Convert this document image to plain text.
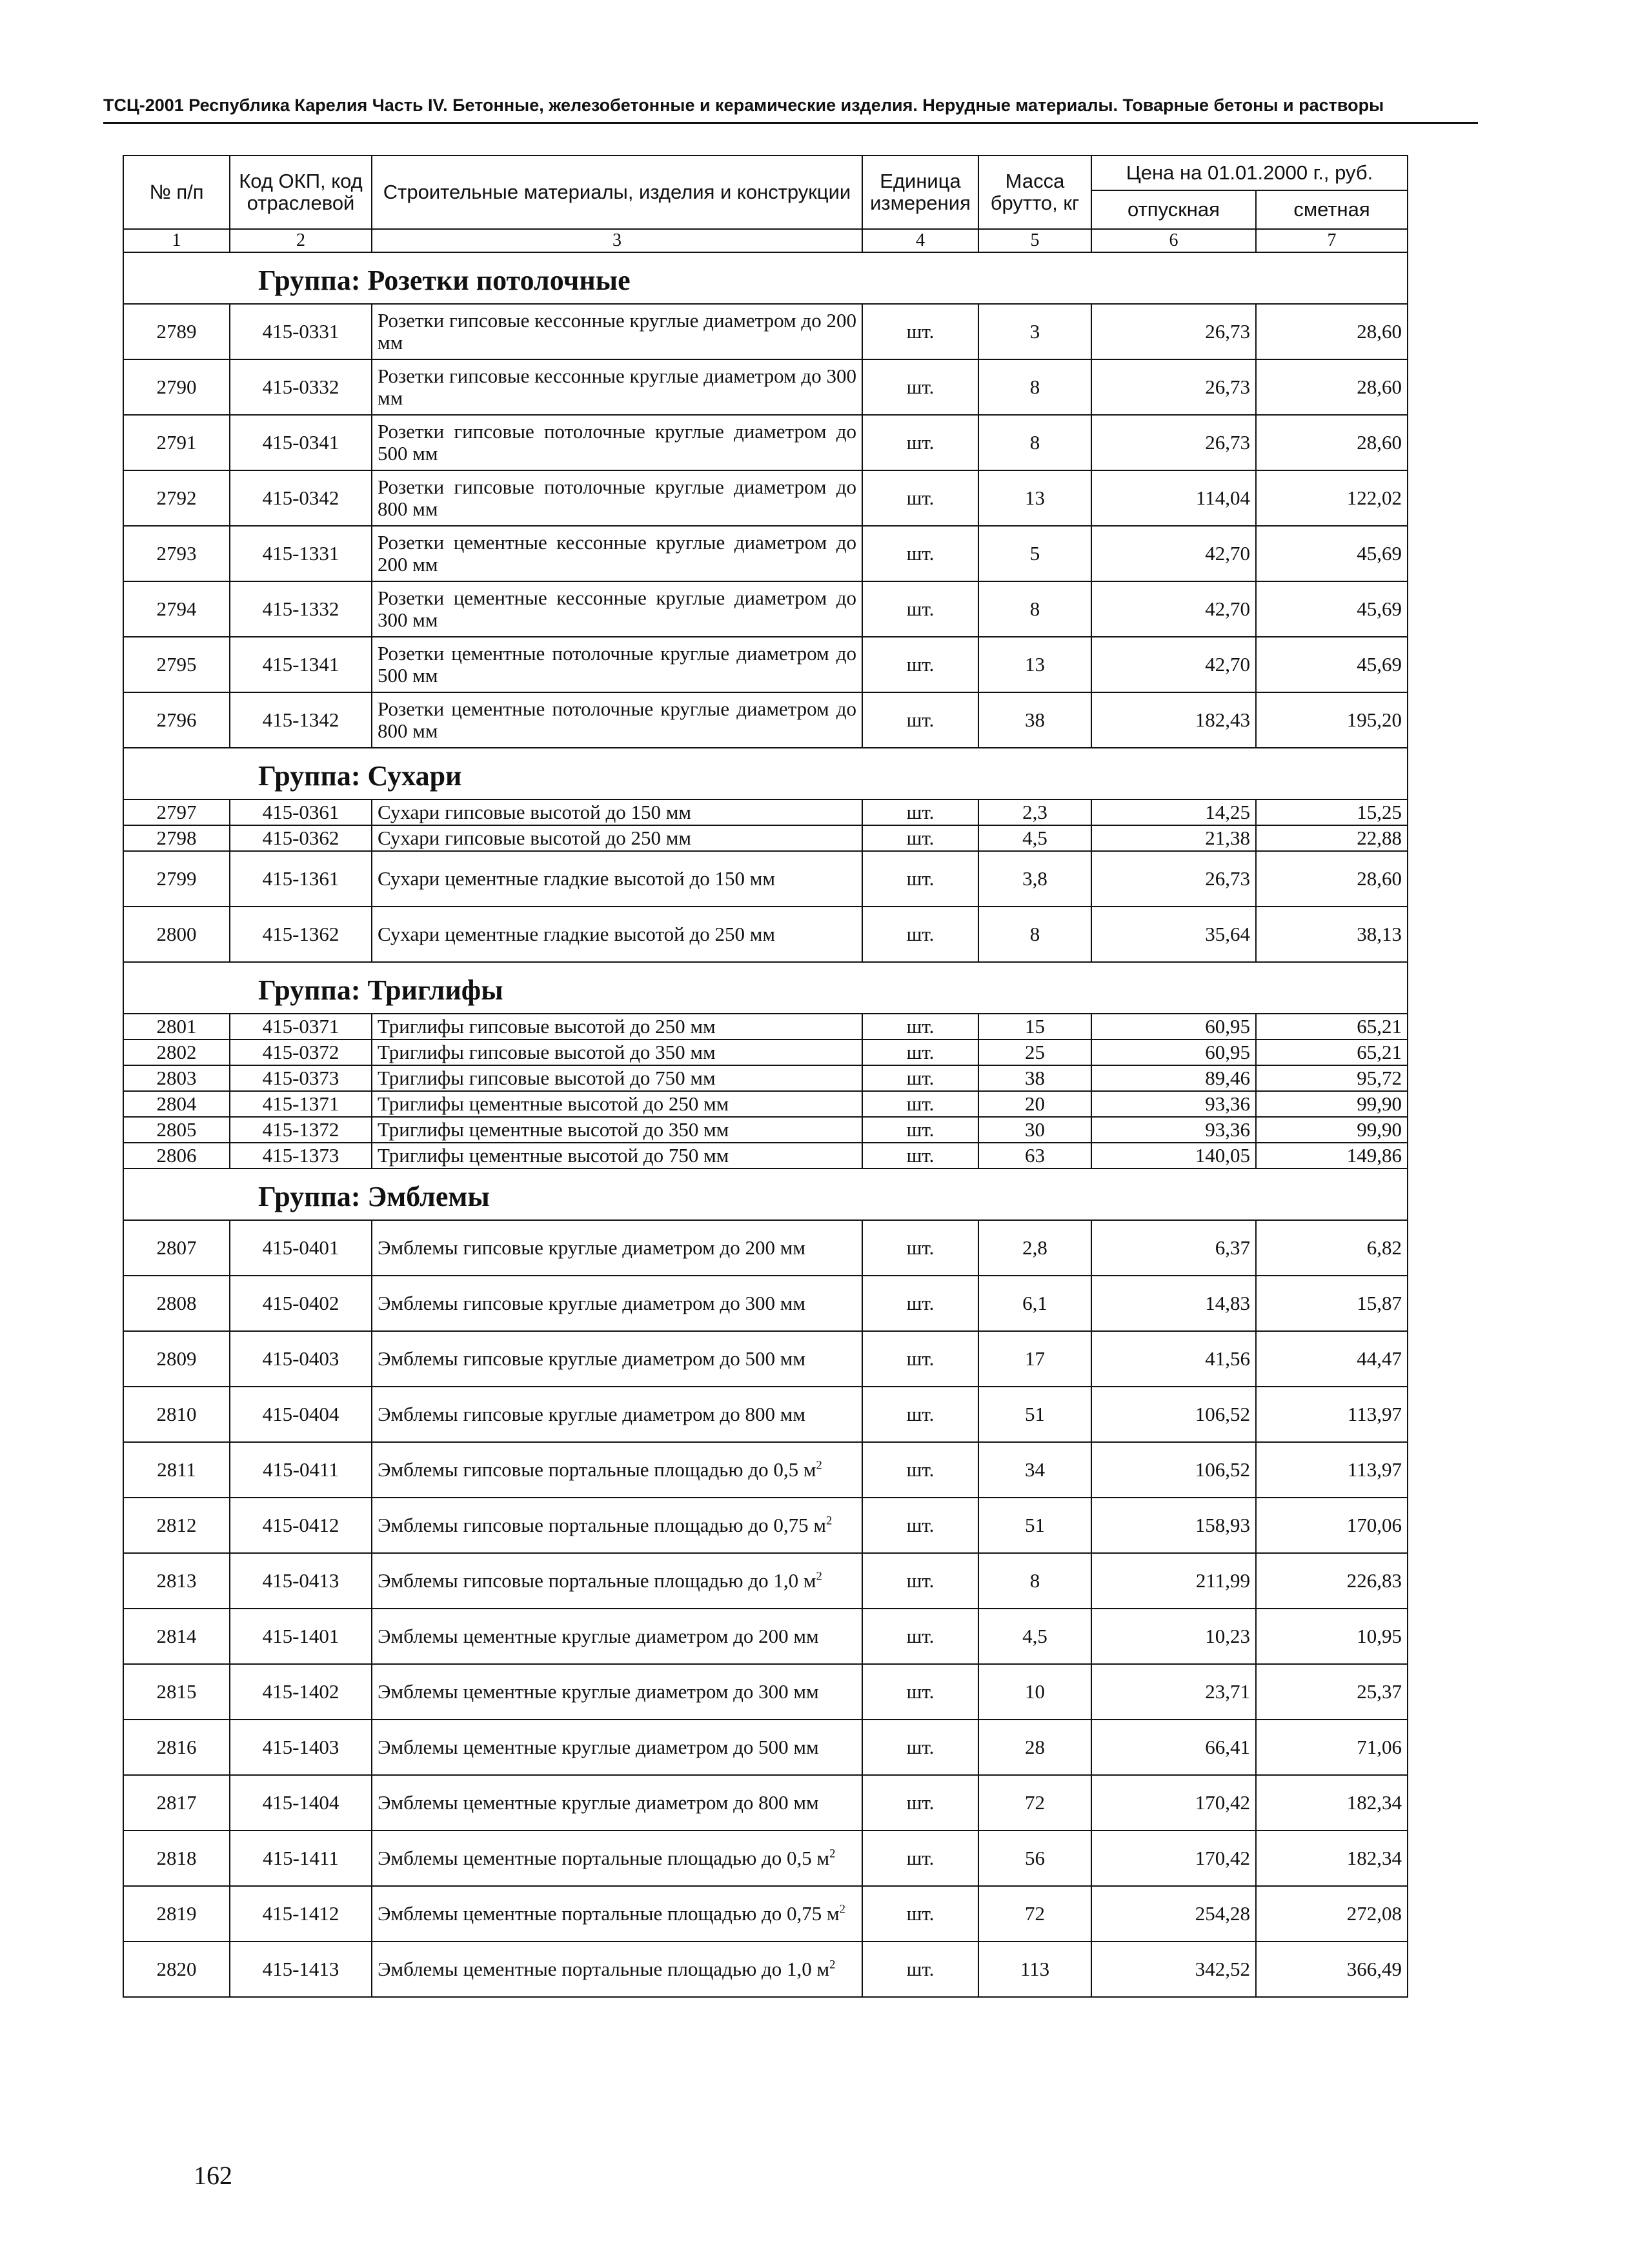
ТСЦ-2001 Республика Карелия Часть IV. Бетонные, железобетонные и керамические изделия. Нерудные материалы. Товарные бетоны и растворы
№ п/п	Код ОКП, код отраслевой	Строительные материалы, изделия и конструкции	Единица измерения	Масса брутто, кг	Цена на 01.01.2000 г., руб.	
					отпускная	сметная
1	2	3	4	5	6	7
Группа: Розетки потолочные						
2789	415-0331	Розетки гипсовые кессонные круглые диаметром до 200 мм	шт.	3	26,73	28,60
2790	415-0332	Розетки гипсовые кессонные круглые диаметром до 300 мм	шт.	8	26,73	28,60
2791	415-0341	Розетки гипсовые потолочные круглые диаметром до 500 мм	шт.	8	26,73	28,60
2792	415-0342	Розетки гипсовые потолочные круглые диаметром до 800 мм	шт.	13	114,04	122,02
2793	415-1331	Розетки цементные кессонные круглые диаметром до 200 мм	шт.	5	42,70	45,69
2794	415-1332	Розетки цементные кессонные круглые диаметром до 300 мм	шт.	8	42,70	45,69
2795	415-1341	Розетки цементные потолочные круглые диаметром до 500 мм	шт.	13	42,70	45,69
2796	415-1342	Розетки цементные потолочные круглые диаметром до 800 мм	шт.	38	182,43	195,20
Группа: Сухари						
2797	415-0361	Сухари гипсовые высотой до 150 мм	шт.	2,3	14,25	15,25
2798	415-0362	Сухари гипсовые высотой до 250 мм	шт.	4,5	21,38	22,88
2799	415-1361	Сухари цементные гладкие высотой до 150 мм	шт.	3,8	26,73	28,60
2800	415-1362	Сухари цементные гладкие высотой до 250 мм	шт.	8	35,64	38,13
Группа: Триглифы						
2801	415-0371	Триглифы гипсовые высотой до 250 мм	шт.	15	60,95	65,21
2802	415-0372	Триглифы гипсовые высотой до 350 мм	шт.	25	60,95	65,21
2803	415-0373	Триглифы гипсовые высотой до 750 мм	шт.	38	89,46	95,72
2804	415-1371	Триглифы цементные высотой до 250 мм	шт.	20	93,36	99,90
2805	415-1372	Триглифы цементные высотой до 350 мм	шт.	30	93,36	99,90
2806	415-1373	Триглифы цементные высотой до 750 мм	шт.	63	140,05	149,86
Группа: Эмблемы						
2807	415-0401	Эмблемы гипсовые круглые диаметром до 200 мм	шт.	2,8	6,37	6,82
2808	415-0402	Эмблемы гипсовые круглые диаметром до 300 мм	шт.	6,1	14,83	15,87
2809	415-0403	Эмблемы гипсовые круглые диаметром до 500 мм	шт.	17	41,56	44,47
2810	415-0404	Эмблемы гипсовые круглые диаметром до 800 мм	шт.	51	106,52	113,97
2811	415-0411	Эмблемы гипсовые портальные площадью до 0,5 $м^2$	шт.	34	106,52	113,97
2812	415-0412	Эмблемы гипсовые портальные площадью до 0,75 $м^2$	шт.	51	158,93	170,06
2813	415-0413	Эмблемы гипсовые портальные площадью до 1,0 $м^2$	шт.	8	211,99	226,83
2814	415-1401	Эмблемы цементные круглые диаметром до 200 мм	шт.	4,5	10,23	10,95
2815	415-1402	Эмблемы цементные круглые диаметром до 300 мм	шт.	10	23,71	25,37
2816	415-1403	Эмблемы цементные круглые диаметром до 500 мм	шт.	28	66,41	71,06
2817	415-1404	Эмблемы цементные круглые диаметром до 800 мм	шт.	72	170,42	182,34
2818	415-1411	Эмблемы цементные портальные площадью до 0,5 $м^2$	шт.	56	170,42	182,34
2819	415-1412	Эмблемы цементные портальные площадью до 0,75 $м^2$	шт.	72	254,28	272,08
2820	415-1413	Эмблемы цементные портальные площадью до 1,0 $м^2$	шт.	113	342,52	366,49
162
